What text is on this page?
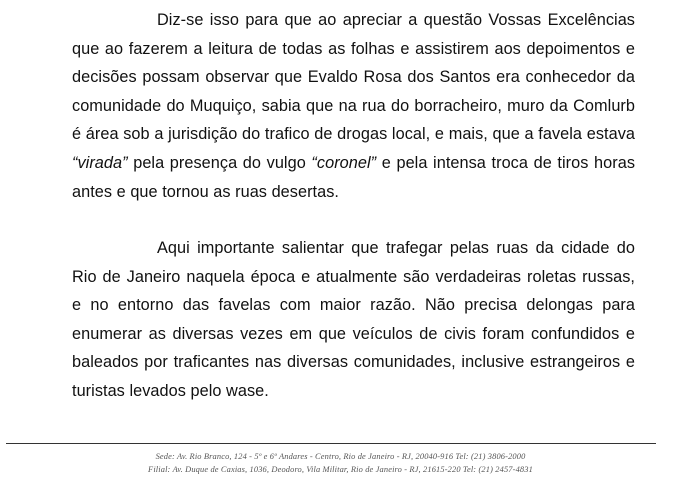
Diz-se isso para que ao apreciar a questão Vossas Excelências que ao fazerem a leitura de todas as folhas e assistirem aos depoimentos e decisões possam observar que Evaldo Rosa dos Santos era conhecedor da comunidade do Muquiço, sabia que na rua do borracheiro, muro da Comlurb é área sob a jurisdição do trafico de drogas local, e mais, que a favela estava “virada” pela presença do vulgo “coronel” e pela intensa troca de tiros horas antes e que tornou as ruas desertas.

Aqui importante salientar que trafegar pelas ruas da cidade do Rio de Janeiro naquela época e atualmente são verdadeiras roletas russas, e no entorno das favelas com maior razão. Não precisa delongas para enumerar as diversas vezes em que veículos de civis foram confundidos e baleados por traficantes nas diversas comunidades, inclusive estrangeiros e turistas levados pelo wase.

Sede: Av. Rio Branco, 124 - 5º e 6º Andares - Centro, Rio de Janeiro - RJ, 20040-916 Tel: (21) 3806-2000
Filial: Av. Duque de Caxias, 1036, Deodoro, Vila Militar, Rio de Janeiro - RJ, 21615-220 Tel: (21) 2457-4831
